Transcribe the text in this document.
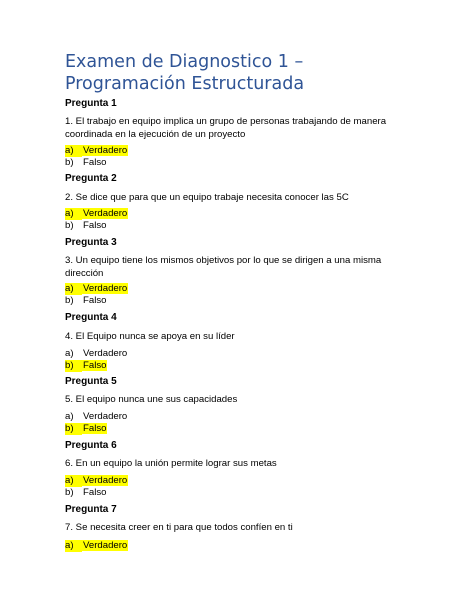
Examen de Diagnostico 1 – Programación Estructurada
Pregunta 1
1. El trabajo en equipo implica un grupo de personas trabajando de manera coordinada en la ejecución de un proyecto
a) Verdadero
b) Falso
Pregunta 2
2. Se dice que para que un equipo trabaje necesita conocer las 5C
a) Verdadero
b) Falso
Pregunta 3
3. Un equipo tiene los mismos objetivos por lo que se dirigen a una misma dirección
a) Verdadero
b) Falso
Pregunta 4
4. El Equipo nunca se apoya en su líder
a) Verdadero
b) Falso
Pregunta 5
5. El equipo nunca une sus capacidades
a) Verdadero
b) Falso
Pregunta 6
6. En un equipo la unión permite lograr sus metas
a) Verdadero
b) Falso
Pregunta 7
7. Se necesita creer en ti para que todos confíen en ti
a) Verdadero
